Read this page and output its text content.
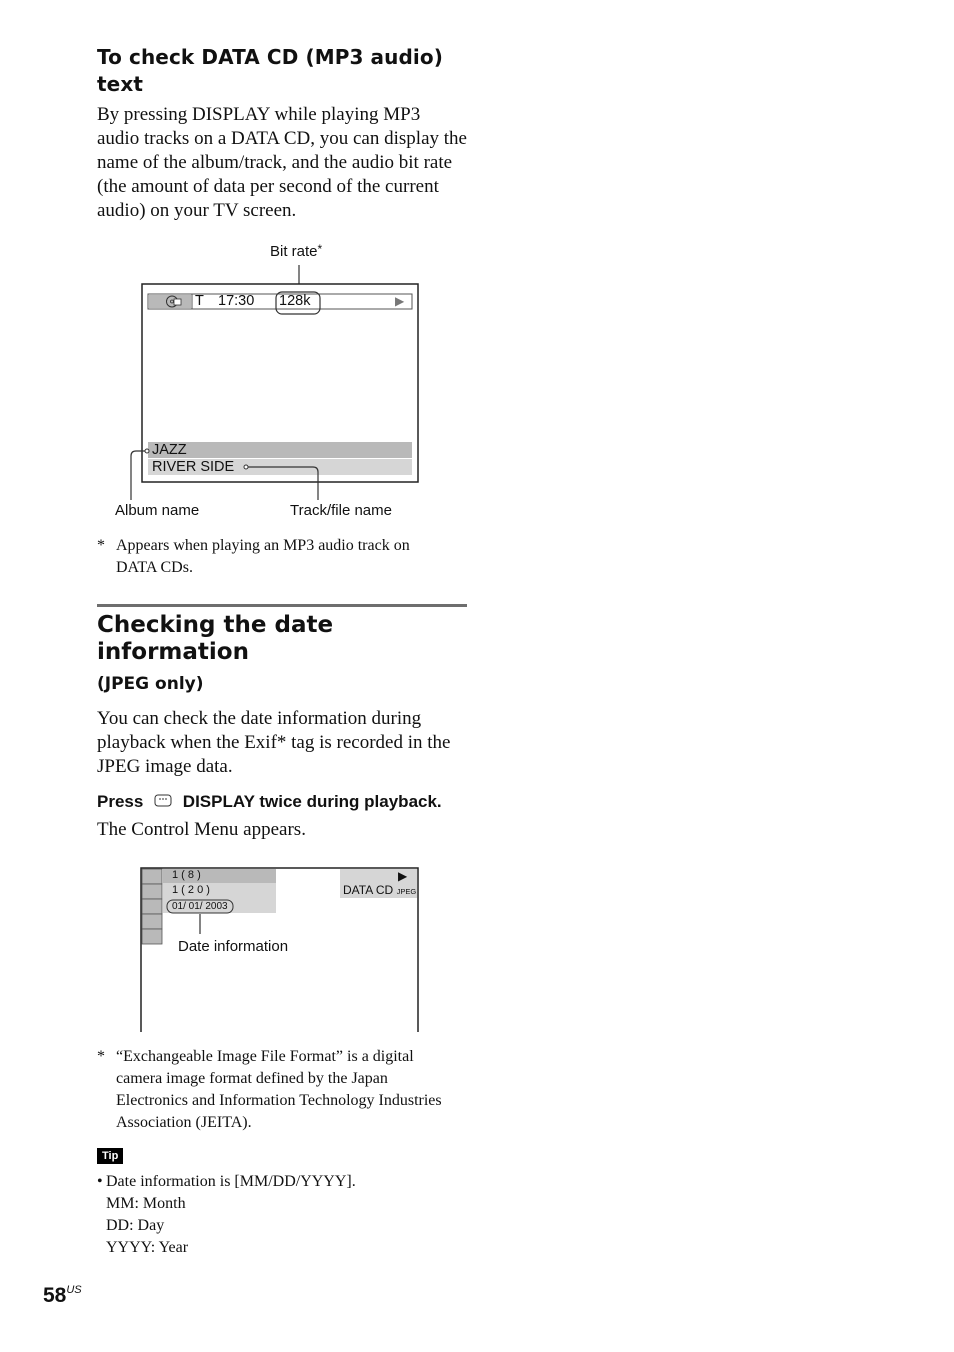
To check DATA CD (MP3 audio)
text
By pressing DISPLAY while playing MP3
audio tracks on a DATA CD, you can display the
name of the album/track, and the audio bit rate
(the amount of data per second of the current
audio) on your TV screen.
Bit rate*
T 17:30 128k	▶
JAZZ
RIVER SIDE
Album name	Track/file name
* Appears when playing an MP3 audio track on
DATA CDs.
Checking the date
information
(JPEG only)
You can check the date information during
playback when the Exif* tag is recorded in the
JPEG image data.
Press DISPLAY twice during playback.
The Control Menu appears.
1 ( 8 )
1 ( 2 0 )
01/ 01/ 2003
▶
DATA CD JPEG
Date information
* “Exchangeable Image File Format” is a digital
camera image format defined by the Japan
Electronics and Information Technology Industries
Association (JEITA).
Tip
• Date information is [MM/DD/YYYY].
MM: Month
DD: Day
YYYY: Year
$58^{US}$
